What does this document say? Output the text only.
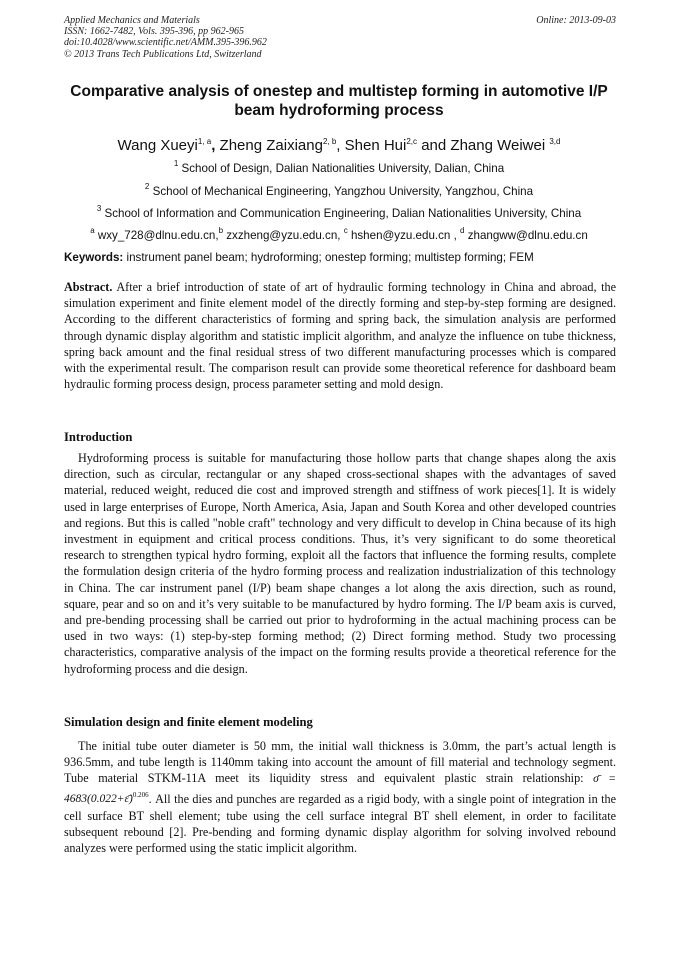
Applied Mechanics and Materials
ISSN: 1662-7482, Vols. 395-396, pp 962-965
doi:10.4028/www.scientific.net/AMM.395-396.962
© 2013 Trans Tech Publications Ltd, Switzerland
Online: 2013-09-03
Comparative analysis of onestep and multistep forming in automotive I/P beam hydroforming process
Wang Xueyi$^{1, a}$, Zheng Zaixiang$^{2, b}$, Shen Hui$^{2,c}$ and Zhang Weiwei $^{3,d}$
$^1$ School of Design, Dalian Nationalities University, Dalian, China
$^2$ School of Mechanical Engineering, Yangzhou University, Yangzhou, China
$^3$ School of Information and Communication Engineering, Dalian Nationalities University, China
$^a$ wxy_728@dlnu.edu.cn,$^b$ zxzheng@yzu.edu.cn, $^c$ hshen@yzu.edu.cn , $^d$ zhangww@dlnu.edu.cn
Keywords: instrument panel beam; hydroforming; onestep forming; multistep forming; FEM
Abstract. After a brief introduction of state of art of hydraulic forming technology in China and abroad, the simulation experiment and finite element model of the directly forming and step-by-step forming are designed. According to the different characteristics of forming and spring back, the simulation analysis are performed through dynamic display algorithm and statistic implicit algorithm, and analyze the influence on tube thickness, spring back amount and the final residual stress of two different manufacturing processes which is compared with the experimental result. The comparison result can provide some theoretical reference for dashboard beam hydraulic forming process design, process parameter setting and mold design.
Introduction
Hydroforming process is suitable for manufacturing those hollow parts that change shapes along the axis direction, such as circular, rectangular or any shaped cross-sectional shapes with the advantages of saved material, reduced weight, reduced die cost and improved strength and stiffness of work pieces[1]. It is widely used in large enterprises of Europe, North America, Asia, Japan and South Korea and other developed countries and regions. But this is called "noble craft" technology and very difficult to develop in China because of its high investment in equipment and critical process conditions. Thus, it’s very significant to do some theoretical research to strengthen typical hydro forming, exploit all the factors that influence the forming results, complete the formulation design criteria of the hydro forming process and realization industrialization of this technology in China. The car instrument panel (I/P) beam shape changes a lot along the axis direction, such as round, square, pear and so on and it’s very suitable to be manufactured by hydro forming. The I/P beam axis is curved, and pre-bending processing shall be carried out prior to hydroforming in the actual machining process can be used in two ways: (1) step-by-step forming method; (2) Direct forming method. Study two processing characteristics, comparative analysis of the impact on the forming results provide a theoretical reference for the hydroforming process and die design.
Simulation design and finite element modeling
The initial tube outer diameter is 50 mm, the initial wall thickness is 3.0mm, the part’s actual length is 936.5mm, and tube length is 1140mm taking into account the amount of fill material and technology segment. Tube material STKM-11A meet its liquidity stress and equivalent plastic strain relationship: σ̄ = 4683(0.022+ε̄)$^{0.206}$. All the dies and punches are regarded as a rigid body, with a single point of integration in the cell surface BT shell element; tube using the cell surface integral BT shell element, in order to facilitate subsequent rebound [2]. Pre-bending and forming dynamic display algorithm for solving involved rebound analyzes were performed using the static implicit algorithm.
